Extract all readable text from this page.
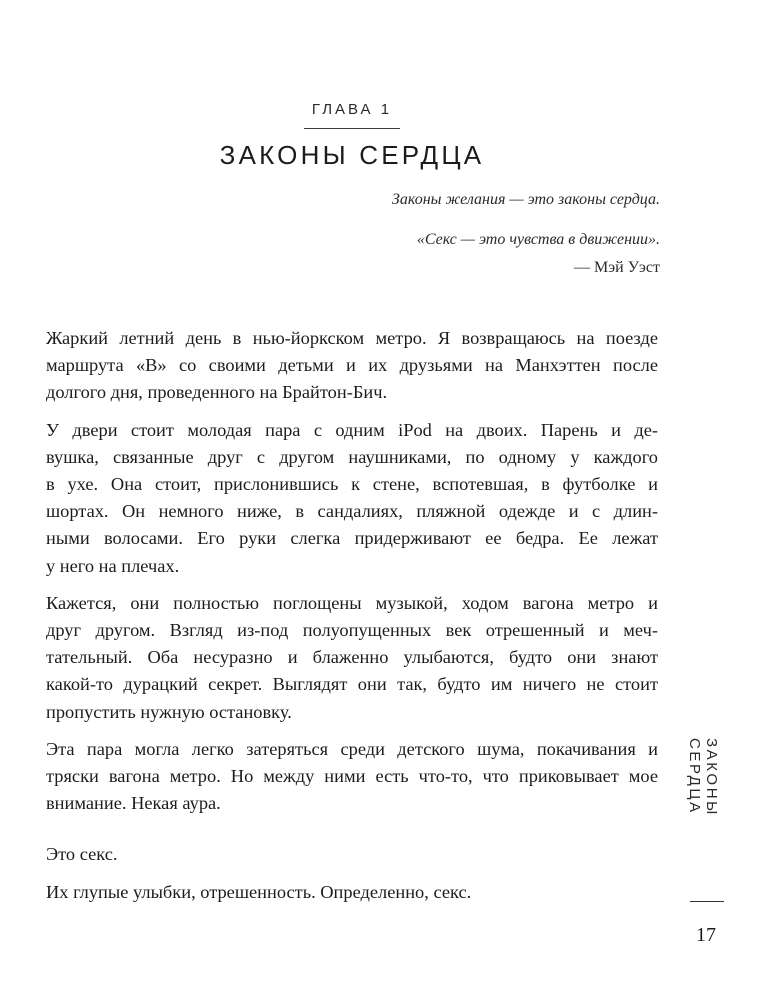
ГЛАВА 1
ЗАКОНЫ СЕРДЦА
Законы желания — это законы сердца.
«Секс — это чувства в движении».
— Мэй Уэст

Жаркий летний день в нью-йоркском метро. Я возвращаюсь на поезде
маршрута «B» со своими детьми и их друзьями на Манхэттен после
долгого дня, проведенного на Брайтон-Бич.

У двери стоит молодая пара с одним iPod на двоих. Парень и де-
вушка, связанные друг с другом наушниками, по одному у каждого
в ухе. Она стоит, прислонившись к стене, вспотевшая, в футболке и
шортах. Он немного ниже, в сандалиях, пляжной одежде и с длин-
ными волосами. Его руки слегка придерживают ее бедра. Ее лежат
у него на плечах.

Кажется, они полностью поглощены музыкой, ходом вагона метро и
друг другом. Взгляд из-под полуопущенных век отрешенный и меч-
тательный. Оба несуразно и блаженно улыбаются, будто они знают
какой-то дурацкий секрет. Выглядят они так, будто им ничего не стоит
пропустить нужную остановку.

Эта пара могла легко затеряться среди детского шума, покачивания и
тряски вагона метро. Но между ними есть что-то, что приковывает мое
внимание. Некая аура.

Это секс.

Их глупые улыбки, отрешенность. Определенно, секс.

ЗАКОНЫ СЕРДЦА
17
